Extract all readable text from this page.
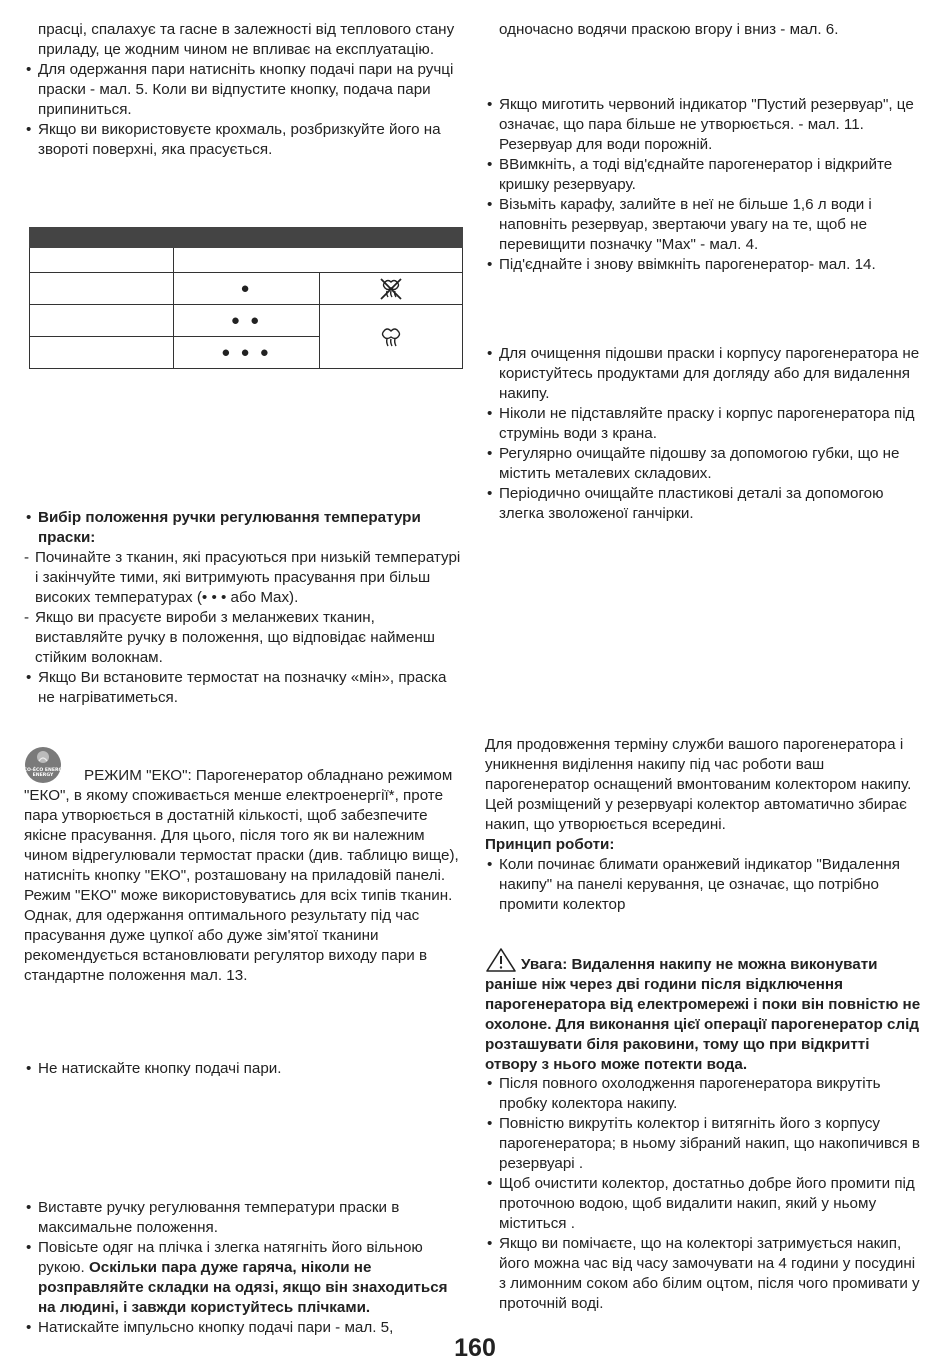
прасці, спалахує та гасне в залежності від теплового стану приладу, це жодним чином не впливає на експлуатацію.

• Для одержання пари натисніть кнопку подачі пари на ручці праски - мал. 5. Коли ви відпустите кнопку, подача пари припиниться.
• Якщо ви використовуєте крохмаль, розбризкуйте його на звороті поверхні, яка прасується.
●
● ●
● ● ●
• Вибір положення ручки регулювання температури праски:
- Починайте з тканин, які прасуються при низькій температурі і закінчуйте тими, які витримують прасування при більш високих температурах (• • • або Max).
- Якщо ви прасуєте вироби з меланжевих тканин, виставляйте ручку в положення, що відповідає найменш стійким волокнам.
• Якщо Ви встановите термостат на позначку «мін», праска не нагріватиметься.
ECO-ÉCO ENERGY
ENERGY	РЕЖИМ "ЕКО": Парогенератор обладнано режимом "ЕКО", в якому споживається менше електроенергії*, проте пара утворюється в достатній кількості, щоб забезпечите якісне прасування. Для цього, після того як ви належним чином відрегулювали термостат праски (див. таблицю вище), натисніть кнопку "ЕКО", розташовану на приладовій панелі. Режим "ЕКО" може використовуватись для всіх типів тканин. Однак, для одержання оптимального результату під час прасування дуже цупкої або дуже зім'ятої тканини рекомендується встановлювати регулятор виходу пари в стандартне положення мал. 13.

• Не натискайте кнопку подачі пари.
• Виставте ручку регулювання температури праски в максимальне положення.
• Повісьте одяг на плічка і злегка натягніть його вільною рукою. Оскільки пара дуже гаряча, ніколи не розправляйте складки на одязі, якщо він знаходиться на людині, і завжди користуйтесь плічками.
• Натискайте імпульсно кнопку подачі пари - мал. 5,

одночасно водячи праскою вгору і вниз - мал. 6.

• Якщо миготить червоний індикатор "Пустий резервуар", це означає, що пара більше не утворюється. - мал. 11. Резервуар для води порожній.
• ВВимкніть, а тоді від'єднайте парогенератор і відкрийте кришку резервуару.
• Візьміть карафу, залийте в неї не більше 1,6 л води і наповніть резервуар, звертаючи увагу на те, щоб не перевищити позначку "Мах" - мал. 4.
• Під'єднайте і знову ввімкніть парогенератор- мал. 14.
• Для очищення підошви праски і корпусу парогенератора не користуйтесь продуктами для догляду або для видалення накипу.
• Ніколи не підставляйте праску і корпус парогенератора під струмінь води з крана.
• Регулярно очищайте підошву за допомогою губки, що не містить металевих складових.
• Періодично очищайте пластикові деталі за допомогою злегка зволоженої ганчірки.

Для продовження терміну служби вашого парогенератора і уникнення виділення накипу під час роботи ваш парогенератор оснащений вмонтованим колектором накипу. Цей розміщений у резервуарі колектор автоматично збирає накип, що утворюється всередині.

Принцип роботи:

• Коли починає блимати оранжевий індикатор "Видалення накипу" на панелі керування, це означає, що потрібно промити колектор

Увага: Видалення накипу не можна виконувати раніше ніж через дві години після відключення парогенератора від електромережі і поки він повністю не охолоне. Для виконання цієї операції парогенератор слід розташувати біля раковини, тому що при відкритті отвору з нього може потекти вода.

• Після повного охолодження парогенератора викрутіть пробку колектора накипу.
• Повністю викрутіть колектор і витягніть його з корпусу парогенератора; в ньому зібраний накип, що накопичився в резервуарі .
• Щоб очистити колектор, достатньо добре його промити під проточною водою, щоб видалити накип, який у ньому міститься .
• Якщо ви помічаєте, що на колекторі затримується накип, його можна час від часу замочувати на 4 години у посудині з лимонним соком або білим оцтом, після чого промивати у проточній воді.
160
